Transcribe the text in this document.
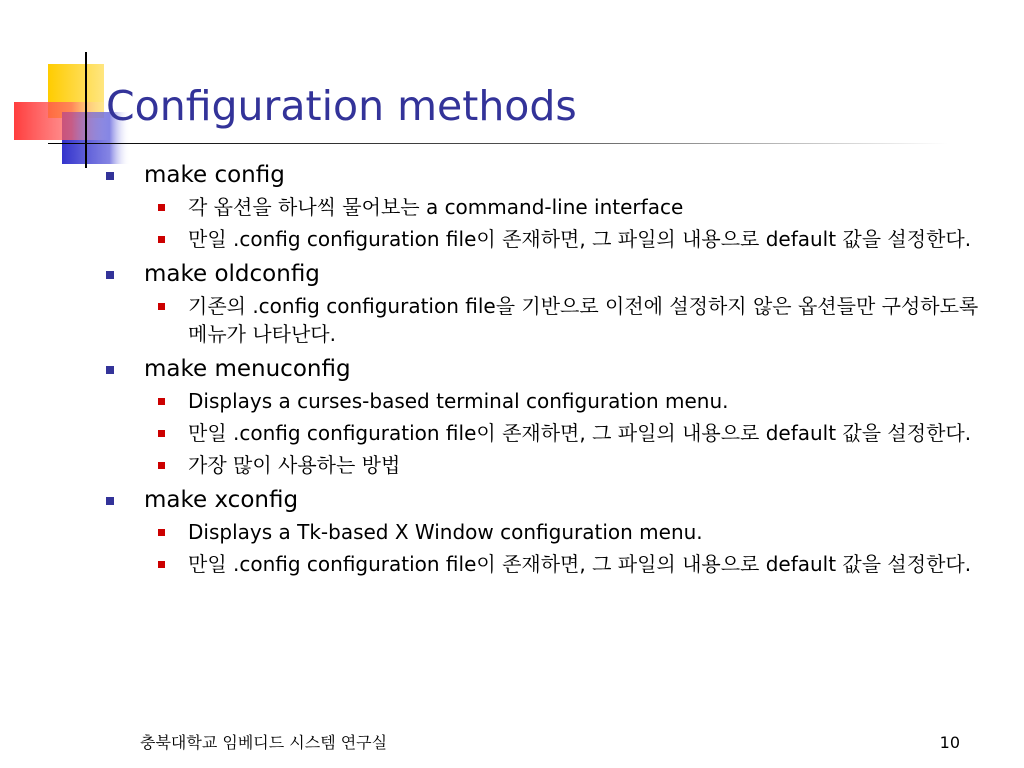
Configuration methods
make config
각 옵션을 하나씩 물어보는 a command-line interface
만일 .config configuration file이 존재하면, 그 파일의 내용으로 default 값을 설정한다.
make oldconfig
기존의 .config configuration file을 기반으로 이전에 설정하지 않은 옵션들만 구성하도록 메뉴가 나타난다.
make menuconfig
Displays a curses-based terminal configuration menu.
만일 .config configuration file이 존재하면, 그 파일의 내용으로 default 값을 설정한다.
가장 많이 사용하는 방법
make xconfig
Displays a Tk-based X Window configuration menu.
만일 .config configuration file이 존재하면, 그 파일의 내용으로 default 값을 설정한다.
충북대학교 임베디드 시스템 연구실	10
